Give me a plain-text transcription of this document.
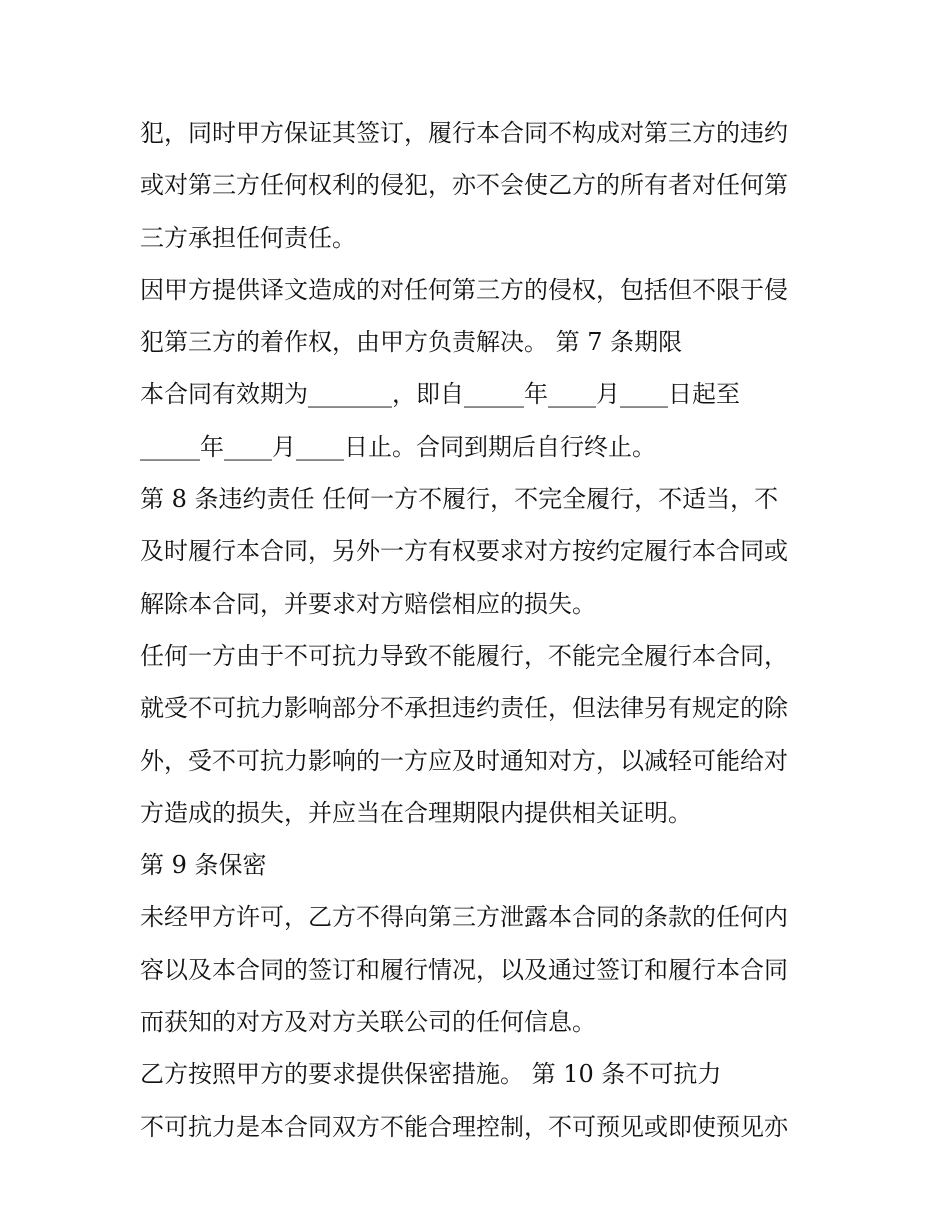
犯，同时甲方保证其签订，履行本合同不构成对第三方的违约
或对第三方任何权利的侵犯，亦不会使乙方的所有者对任何第
三方承担任何责任。
因甲方提供译文造成的对任何第三方的侵权，包括但不限于侵
犯第三方的着作权，由甲方负责解决。 第 7 条期限
本合同有效期为_______，即自_____年____月____日起至
_____年____月____日止。合同到期后自行终止。
第 8 条违约责任 任何一方不履行，不完全履行，不适当，不
及时履行本合同，另外一方有权要求对方按约定履行本合同或
解除本合同，并要求对方赔偿相应的损失。
任何一方由于不可抗力导致不能履行，不能完全履行本合同，
就受不可抗力影响部分不承担违约责任，但法律另有规定的除
外，受不可抗力影响的一方应及时通知对方，以减轻可能给对
方造成的损失，并应当在合理期限内提供相关证明。
第 9 条保密
未经甲方许可，乙方不得向第三方泄露本合同的条款的任何内
容以及本合同的签订和履行情况，以及通过签订和履行本合同
而获知的对方及对方关联公司的任何信息。
乙方按照甲方的要求提供保密措施。 第 10 条不可抗力
不可抗力是本合同双方不能合理控制，不可预见或即使预见亦
